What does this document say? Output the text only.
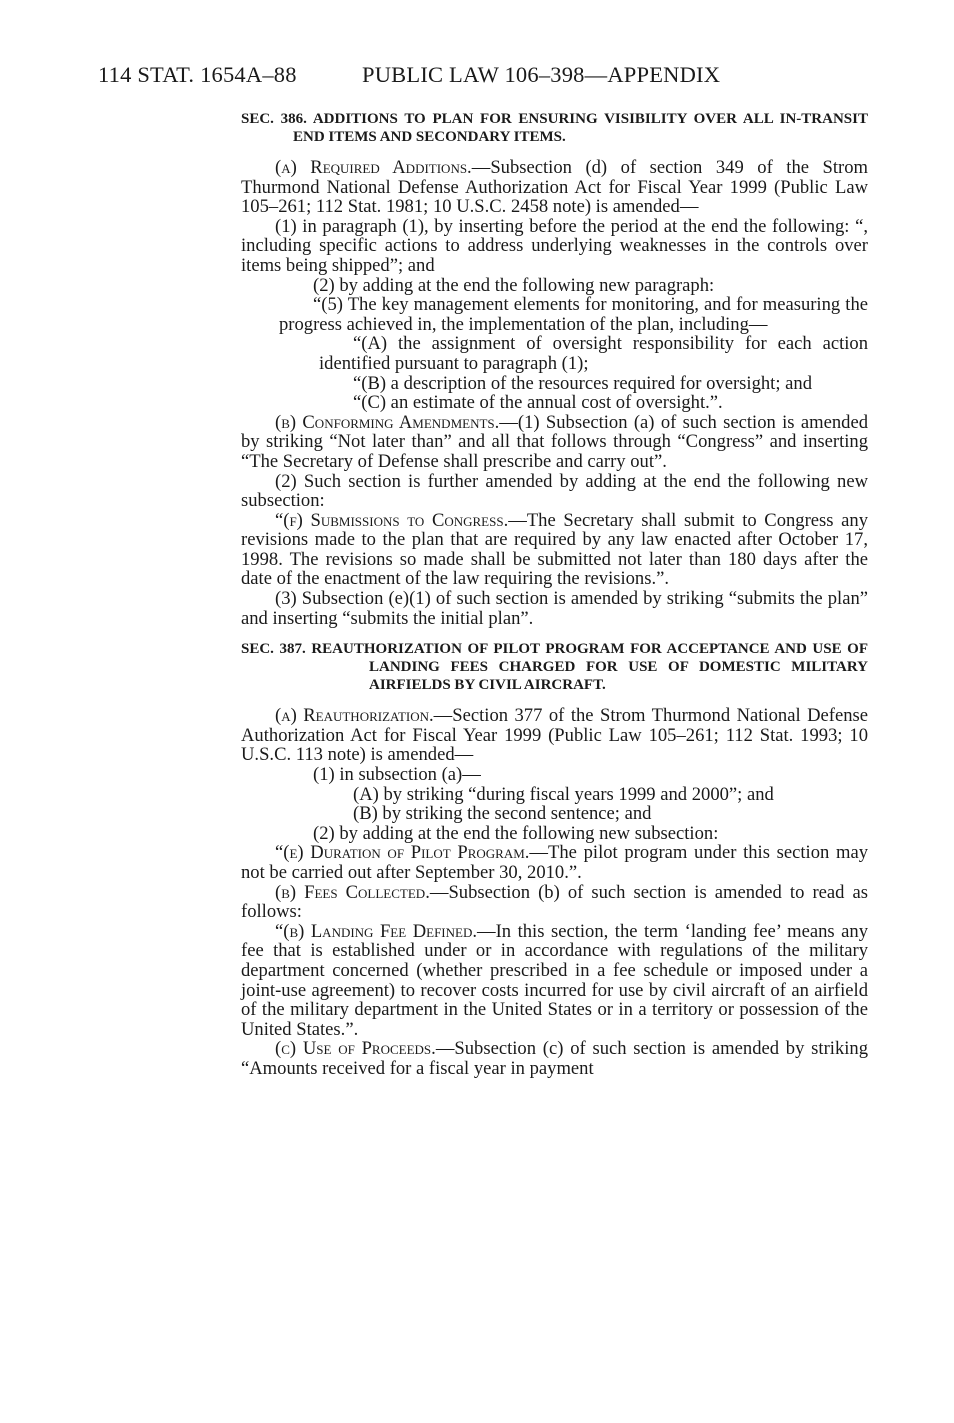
114 STAT. 1654A–88	PUBLIC LAW 106–398—APPENDIX

SEC. 386. ADDITIONS TO PLAN FOR ENSURING VISIBILITY OVER ALL IN-TRANSIT END ITEMS AND SECONDARY ITEMS.

(a) Required Additions.—Subsection (d) of section 349 of the Strom Thurmond National Defense Authorization Act for Fiscal Year 1999 (Public Law 105–261; 112 Stat. 1981; 10 U.S.C. 2458 note) is amended—

(1) in paragraph (1), by inserting before the period at the end the following: “, including specific actions to address underlying weaknesses in the controls over items being shipped”; and

(2) by adding at the end the following new paragraph:

“(5) The key management elements for monitoring, and for measuring the progress achieved in, the implementation of the plan, including—

“(A) the assignment of oversight responsibility for each action identified pursuant to paragraph (1);

“(B) a description of the resources required for oversight; and

“(C) an estimate of the annual cost of oversight.”.

(b) Conforming Amendments.—(1) Subsection (a) of such section is amended by striking “Not later than” and all that follows through “Congress” and inserting “The Secretary of Defense shall prescribe and carry out”.

(2) Such section is further amended by adding at the end the following new subsection:

“(f) Submissions to Congress.—The Secretary shall submit to Congress any revisions made to the plan that are required by any law enacted after October 17, 1998. The revisions so made shall be submitted not later than 180 days after the date of the enactment of the law requiring the revisions.”.

(3) Subsection (e)(1) of such section is amended by striking “submits the plan” and inserting “submits the initial plan”.

SEC. 387. REAUTHORIZATION OF PILOT PROGRAM FOR ACCEPTANCE AND USE OF LANDING FEES CHARGED FOR USE OF DOMESTIC MILITARY AIRFIELDS BY CIVIL AIRCRAFT.

(a) Reauthorization.—Section 377 of the Strom Thurmond National Defense Authorization Act for Fiscal Year 1999 (Public Law 105–261; 112 Stat. 1993; 10 U.S.C. 113 note) is amended—

(1) in subsection (a)—

(A) by striking “during fiscal years 1999 and 2000”; and

(B) by striking the second sentence; and

(2) by adding at the end the following new subsection:

“(e) Duration of Pilot Program.—The pilot program under this section may not be carried out after September 30, 2010.”.

(b) Fees Collected.—Subsection (b) of such section is amended to read as follows:

“(b) Landing Fee Defined.—In this section, the term ‘landing fee’ means any fee that is established under or in accordance with regulations of the military department concerned (whether prescribed in a fee schedule or imposed under a joint-use agreement) to recover costs incurred for use by civil aircraft of an airfield of the military department in the United States or in a territory or possession of the United States.”.

(c) Use of Proceeds.—Subsection (c) of such section is amended by striking “Amounts received for a fiscal year in payment
